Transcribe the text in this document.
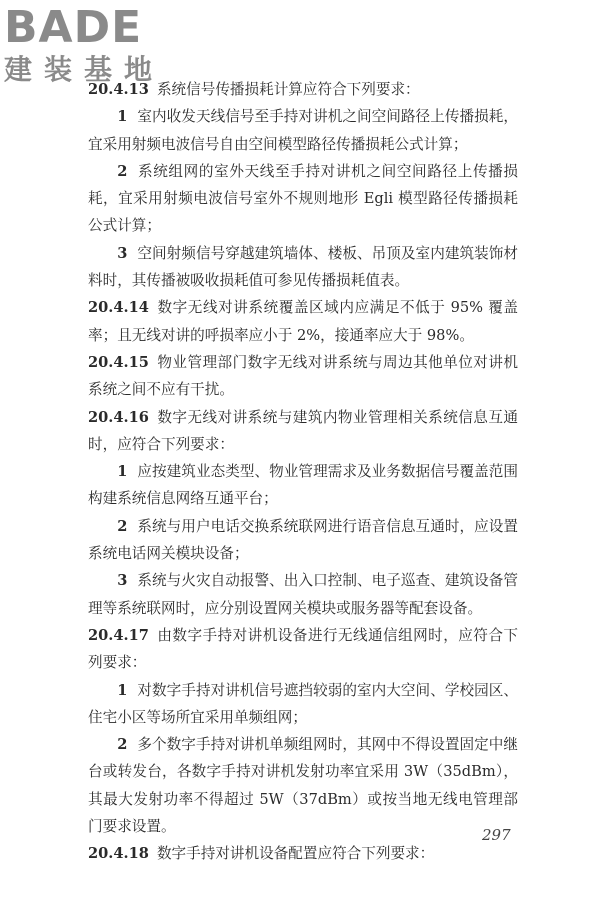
BADE
建装基地

20.4.13 系统信号传播损耗计算应符合下列要求：

1 室内收发天线信号至手持对讲机之间空间路径上传播损耗，宜采用射频电波信号自由空间模型路径传播损耗公式计算；

2 系统组网的室外天线至手持对讲机之间空间路径上传播损耗，宜采用射频电波信号室外不规则地形 Egli 模型路径传播损耗公式计算；

3 空间射频信号穿越建筑墙体、楼板、吊顶及室内建筑装饰材料时，其传播被吸收损耗值可参见传播损耗值表。

20.4.14 数字无线对讲系统覆盖区域内应满足不低于 95% 覆盖率；且无线对讲的呼损率应小于 2%，接通率应大于 98%。

20.4.15 物业管理部门数字无线对讲系统与周边其他单位对讲机系统之间不应有干扰。

20.4.16 数字无线对讲系统与建筑内物业管理相关系统信息互通时，应符合下列要求：

1 应按建筑业态类型、物业管理需求及业务数据信号覆盖范围构建系统信息网络互通平台；

2 系统与用户电话交换系统联网进行语音信息互通时，应设置系统电话网关模块设备；

3 系统与火灾自动报警、出入口控制、电子巡查、建筑设备管理等系统联网时，应分别设置网关模块或服务器等配套设备。

20.4.17 由数字手持对讲机设备进行无线通信组网时，应符合下列要求：

1 对数字手持对讲机信号遮挡较弱的室内大空间、学校园区、住宅小区等场所宜采用单频组网；

2 多个数字手持对讲机单频组网时，其网中不得设置固定中继台或转发台，各数字手持对讲机发射功率宜采用 3W（35dBm），其最大发射功率不得超过 5W（37dBm）或按当地无线电管理部门要求设置。

20.4.18 数字手持对讲机设备配置应符合下列要求：

297
